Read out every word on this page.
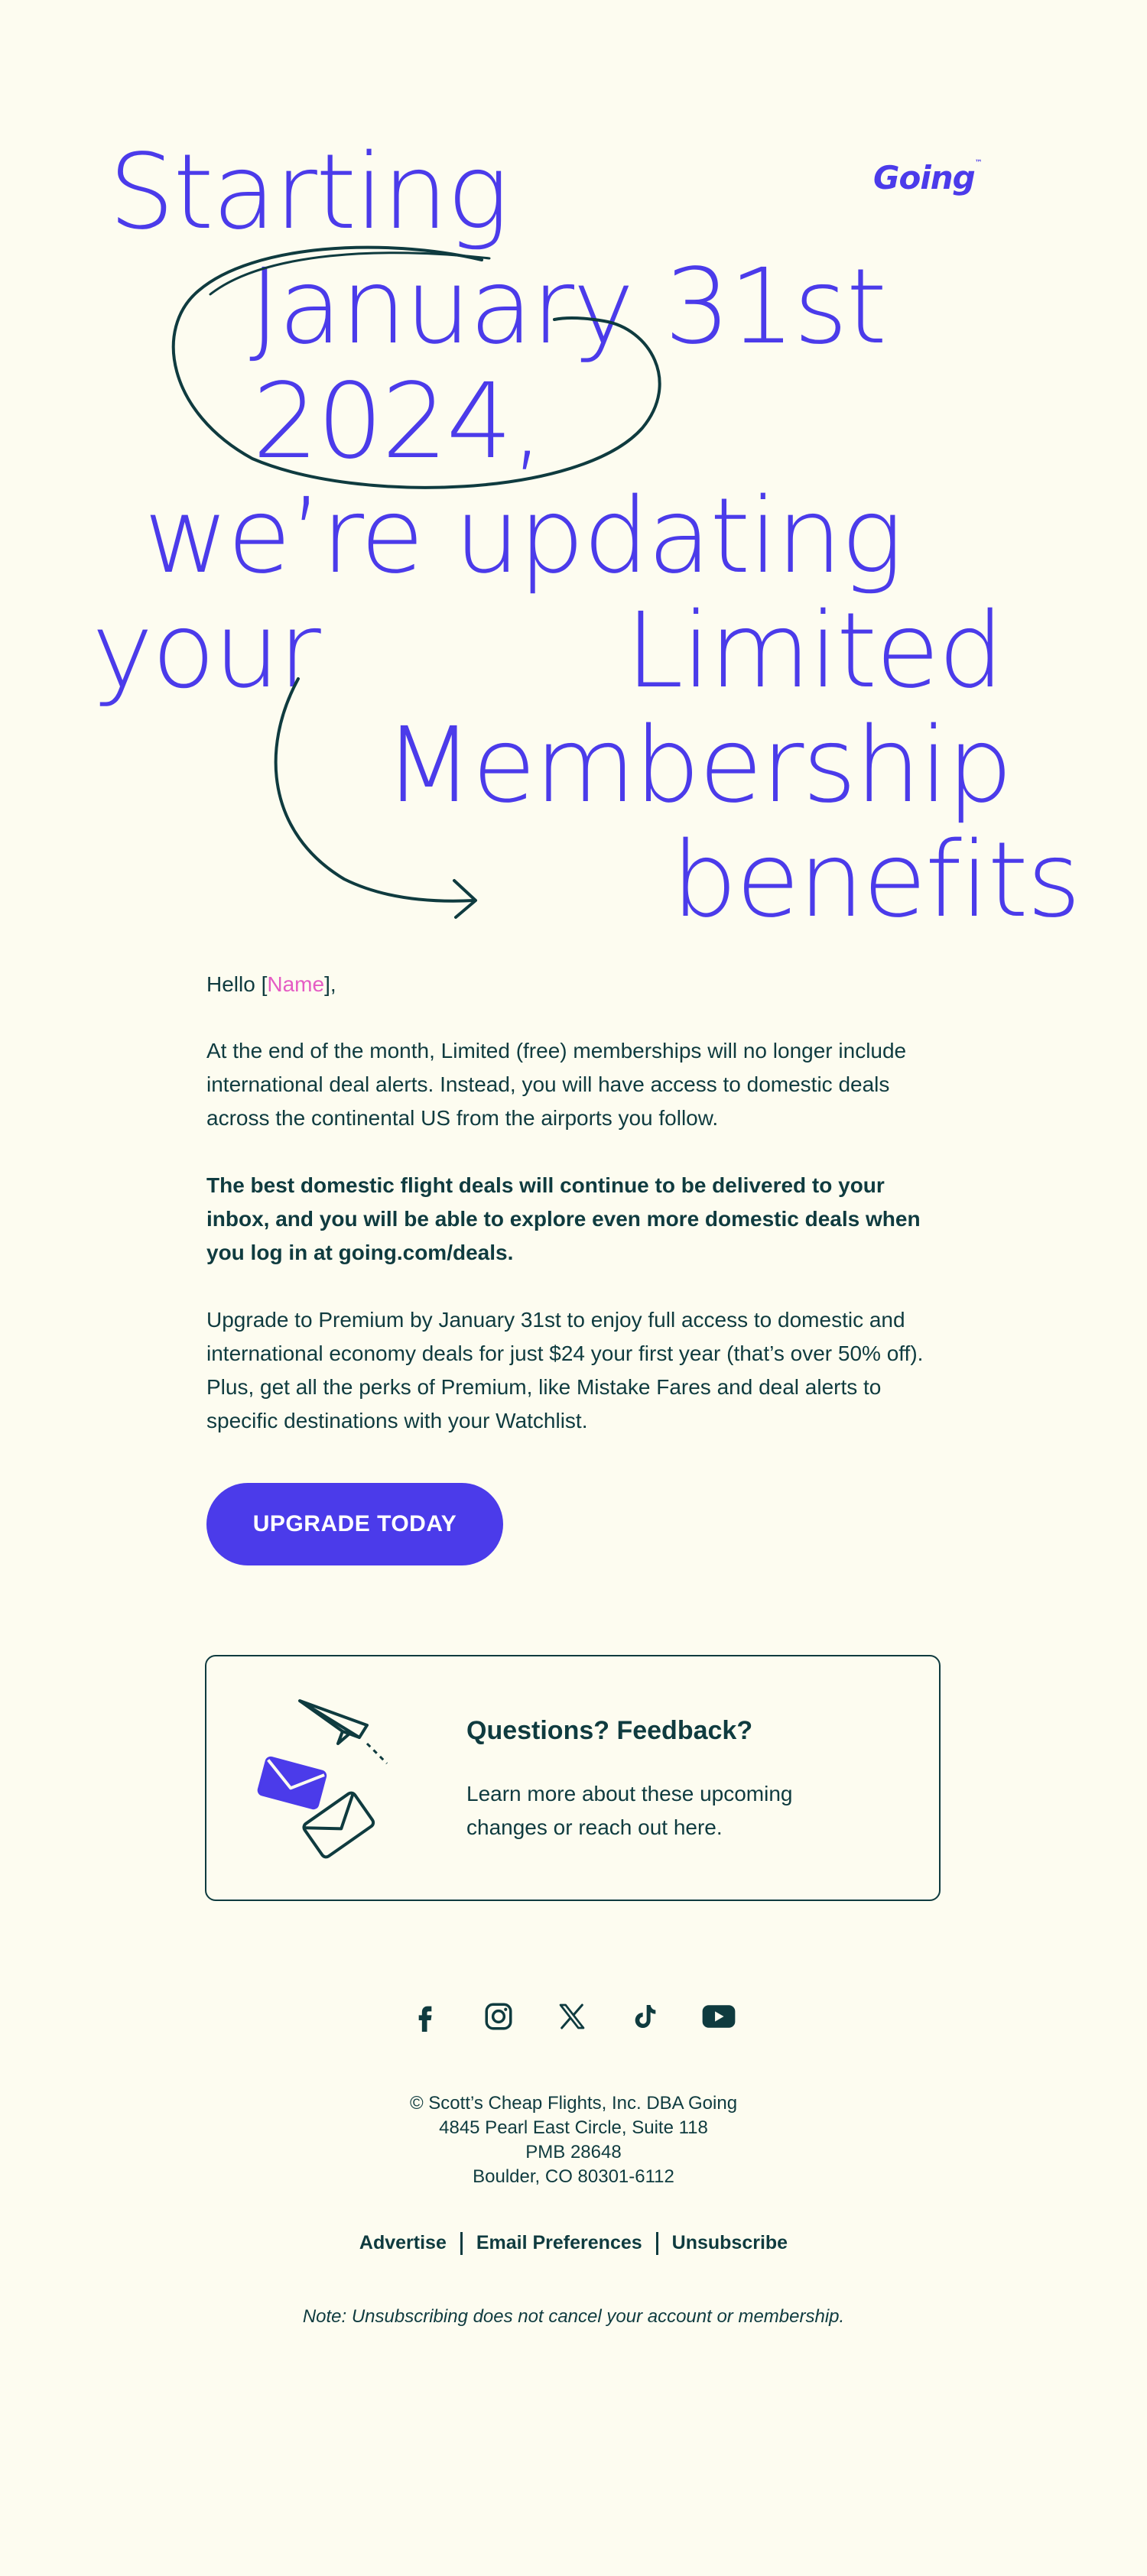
Starting

January 31st

2024,

we’re updating

your	Limited

Membership

benefits

Going™

Hello [Name],

At the end of the month, Limited (free) memberships will no longer include international deal alerts. Instead, you will have access to domestic deals across the continental US from the airports you follow.

The best domestic flight deals will continue to be delivered to your inbox, and you will be able to explore even more domestic deals when you log in at going.com/deals.

Upgrade to Premium by January 31st to enjoy full access to domestic and international economy deals for just $24 your first year (that’s over 50% off). Plus, get all the perks of Premium, like Mistake Fares and deal alerts to specific destinations with your Watchlist.

UPGRADE TODAY

Questions? Feedback?

Learn more about these upcoming changes or reach out here.

© Scott’s Cheap Flights, Inc. DBA Going

4845 Pearl East Circle, Suite 118

PMB 28648

Boulder, CO 80301-6112

Advertise Email Preferences Unsubscribe

Note: Unsubscribing does not cancel your account or membership.
